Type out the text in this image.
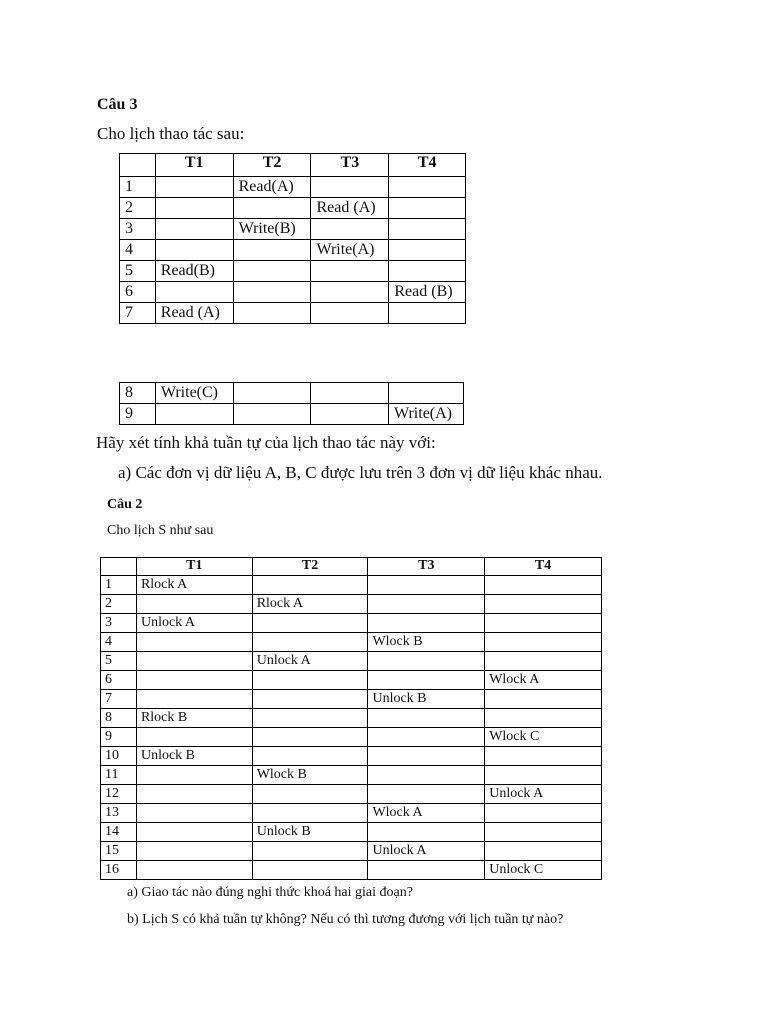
Câu 3
Cho lịch thao tác sau:
	T1	T2	T3	T4
1		Read(A)		
2			Read (A)	
3		Write(B)		
4			Write(A)	
5	Read(B)			
6				Read (B)
7	Read (A)			
8	Write(C)			
9				Write(A)
Hãy xét tính khả tuần tự của lịch thao tác này với:
a) Các đơn vị dữ liệu A, B, C được lưu trên 3 đơn vị dữ liệu khác nhau.
Câu 2
Cho lịch S như sau
	T1	T2	T3	T4
1	Rlock A			
2		Rlock A		
3	Unlock A			
4			Wlock B	
5		Unlock A		
6				Wlock A
7			Unlock B	
8	Rlock B			
9				Wlock C
10	Unlock B			
11		Wlock B		
12				Unlock A
13			Wlock A	
14		Unlock B		
15			Unlock A	
16				Unlock C
a) Giao tác nào đúng nghi thức khoá hai giai đoạn?
b) Lịch S có khả tuần tự không? Nếu có thì tương đương với lịch tuần tự nào?
